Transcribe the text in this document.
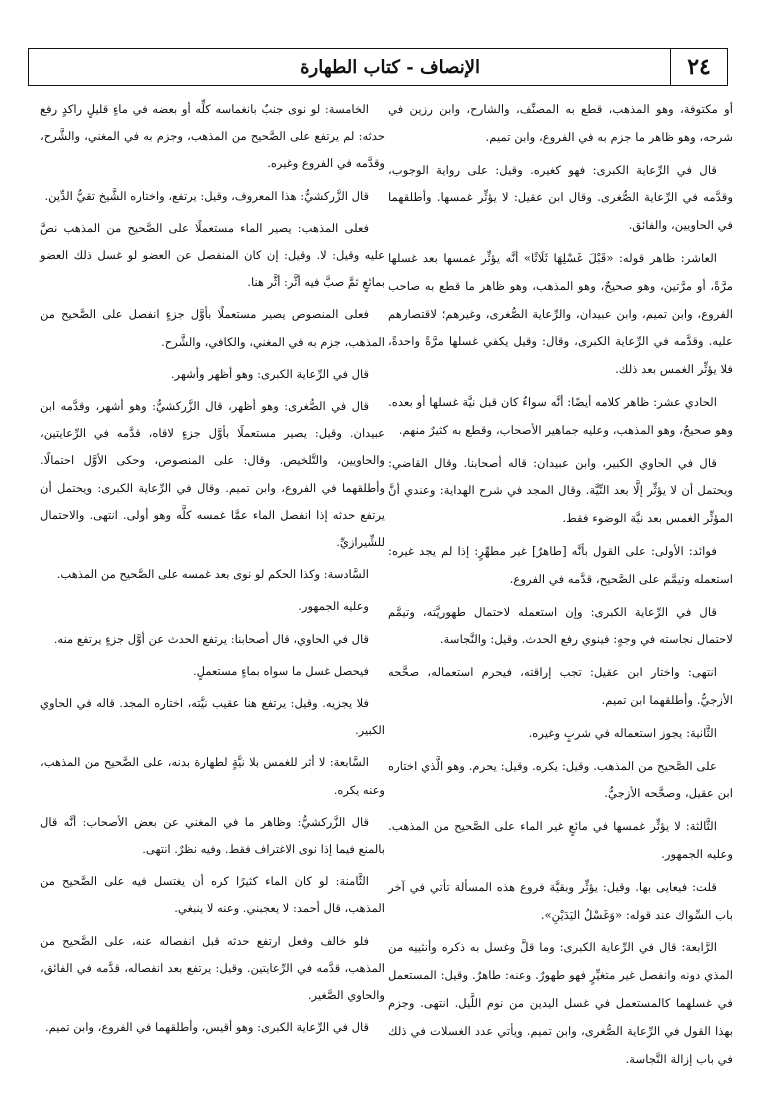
٢٤
الإنصاف - كتاب الطهارة

أو مكتوفة، وهو المذهب، قطع به المصنِّف، والشارح، وابن رزين في شرحه، وهو ظاهر ما جزم به في الفروع، وابن تميم.

قال في الرِّعاية الكبرى: فهو كغيره. وقيل: على رواية الوجوب، وقدَّمه في الرِّعاية الصُّغرى. وقال ابن عقيل: لا يؤثِّر غمسها. وأطلقهما في الحاويين، والفائق.

العاشر: ظاهر قوله: «قَبْلَ غَسْلِهَا ثَلَاثًا» أنَّه يؤثِّر غمسها بعد غسلها مرَّةً، أو مرَّتين، وهو صحيحٌ، وهو المذهب، وهو ظاهر ما قطع به صاحب الفروع، وابن تميم، وابن عبيدان، والرِّعاية الصُّغرى، وغيرهم؛ لاقتصارهم عليه. وقدَّمه في الرِّعاية الكبرى، وقال: وقيل يكفي غسلها مرَّةً واحدةً، فلا يؤثِّر الغمس بعد ذلك.

الحادي عشر: ظاهر كلامه أيضًا: أنَّه سواءٌ كان قبل نيَّة غسلها أو بعده. وهو صحيحٌ، وهو المذهب، وعليه جماهير الأصحاب، وقطع به كثيرٌ منهم.

قال في الحاوي الكبير، وابن عبيدان: قاله أصحابنا. وقال القاضي: ويحتمل أن لا يؤثِّر إلَّا بعد النِّيَّة. وقال المجد في شرح الهداية: وعندي أنَّ المؤثِّر الغمس بعد نيَّة الوضوء فقط.

فوائد: الأولى: على القول بأنَّه [طاهرٌ] غير مطهِّرٍ: إذا لم يجد غيره: استعمله وتيمَّم على الصَّحيح، قدَّمه في الفروع.

قال في الرِّعاية الكبرى: وإن استعمله لاحتمال طهوريَّته، وتيمَّم لاحتمال نجاسته في وجهٍ: فينوي رفع الحدث. وقيل: والنَّجاسة.

انتهى: واختار ابن عقيل: تجب إراقته، فيحرم استعماله، صحَّحه الأزجيُّ. وأطلقهما ابن تميم.

الثَّانية: يجوز استعماله في شربٍ وغيره.

على الصَّحيح من المذهب. وقيل: يكره. وقيل: يحرم. وهو الَّذي اختاره ابن عقيل، وصحَّحه الأزجيُّ.

الثَّالثة: لا يؤثِّر غمسها في مائعٍ غير الماء على الصَّحيح من المذهب. وعليه الجمهور.

قلت: فيعايى بها. وقيل: يؤثِّر وبقيَّة فروع هذه المسألة تأتي في آخر باب السِّواك عند قوله: «وَغَسْلُ اليَدَيْنِ».

الرَّابعة: قال في الرِّعاية الكبرى: وما قلَّ وغسل به ذكره وأنثييه من المذي دونه وانفصل غير متغيِّرٍ فهو طهورٌ. وعنه: طاهرٌ. وقيل: المستعمل في غسلهما كالمستعمل في غسل اليدين من نوم اللَّيل. انتهى. وجزم بهذا القول في الرِّعاية الصُّغرى، وابن تميم. ويأتي عدد الغسلات في ذلك في باب إزالة النَّجاسة.

الخامسة: لو نوى جنبٌ بانغماسه كلِّه أو بعضه في ماءٍ قليلٍ راكدٍ رفع حدثه: لم يرتفع على الصَّحيح من المذهب، وجزم به في المغني، والشَّرح، وقدَّمه في الفروع وغيره.

قال الزَّركشيُّ: هذا المعروف، وقيل: يرتفع، واختاره الشَّيخ تقيُّ الدِّين.

فعلى المذهب: يصير الماء مستعملًا على الصَّحيح من المذهب نصَّ عليه وقيل: لا. وقيل: إن كان المنفصل عن العضو لو غسل ذلك العضو بمائعٍ ثمَّ صبَّ فيه أثَّر: أثَّر هنا.

فعلى المنصوص يصير مستعملًا بأوَّل جزءٍ انفصل على الصَّحيح من المذهب، جزم به في المغني، والكافي، والشَّرح.

قال في الرِّعاية الكبرى: وهو أظهر وأشهر.

قال في الصُّغرى: وهو أظهر، قال الزَّركشيُّ: وهو أشهر، وقدَّمه ابن عبيدان. وقيل: يصير مستعملًا بأوَّل جزءٍ لاقاه، قدَّمه في الرِّعايتين، والحاويين، والتَّلخيص. وقال: على المنصوص، وحكى الأوَّل احتمالًا. وأطلقهما في الفروع، وابن تميم. وقال في الرِّعاية الكبرى: ويحتمل أن يرتفع حدثه إذا انفصل الماء عمَّا غمسه كلَّه وهو أولى. انتهى. والاحتمال للشِّيرازيِّ.

السَّادسة: وكذا الحكم لو نوى بعد غمسه على الصَّحيح من المذهب.

وعليه الجمهور.

قال في الحاوي، قال أصحابنا: يرتفع الحدث عن أوَّل جزءٍ يرتفع منه.

فيحصل غسل ما سواه بماءٍ مستعملٍ.

فلا يجزيه. وقيل: يرتفع هنا عقيب نيَّته، اختاره المجد. قاله في الحاوي الكبير.

السَّابعة: لا أثر للغمس بلا نيَّةٍ لطهارة بدنه، على الصَّحيح من المذهب، وعنه يكره.

قال الزَّركشيُّ: وظاهر ما في المغني عن بعض الأصحاب: أنَّه قال بالمنع فيما إذا نوى الاغتراف فقط. وفيه نظرٌ. انتهى.

الثَّامنة: لو كان الماء كثيرًا كره أن يغتسل فيه على الصَّحيح من المذهب، قال أحمد: لا يعجبني. وعنه لا ينبغي.

فلو خالف وفعل ارتفع حدثه قبل انفصاله عنه، على الصَّحيح من المذهب، قدَّمه في الرِّعايتين. وقيل: يرتفع بعد انفصاله، قدَّمه في الفائق، والحاوي الصَّغير.

قال في الرِّعاية الكبرى: وهو أقيس، وأطلقهما في الفروع، وابن تميم.
